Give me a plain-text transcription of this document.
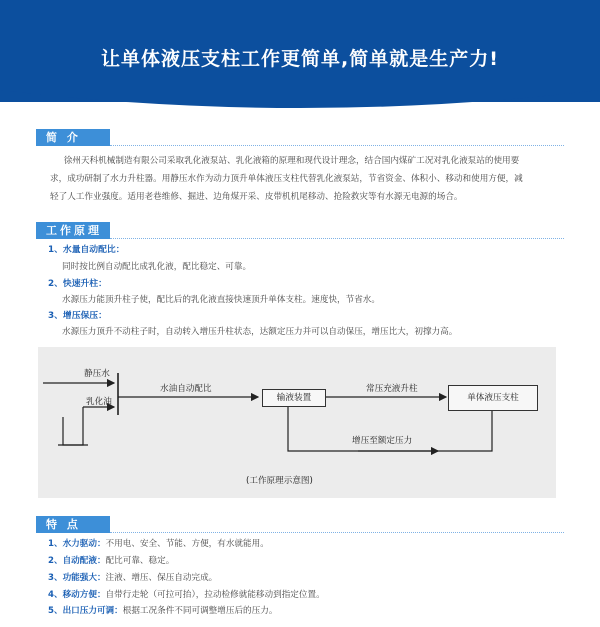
让单体液压支柱工作更简单,简单就是生产力!
简 介
徐州天科机械制造有限公司采取乳化液泵站、乳化液箱的原理和现代设计理念，结合国内煤矿工况对乳化液泵站的使用要
求，成功研制了水力升柱器。用静压水作为动力顶升单体液压支柱代替乳化液泵站，节省资金、体积小、移动和使用方便，减
轻了人工作业强度。适用老巷维修、掘进、边角煤开采、皮带机机尾移动、抢险救灾等有水源无电源的场合。
工作原理
1、水量自动配比：
同时按比例自动配比成乳化液，配比稳定、可靠。
2、快速升柱：
水源压力能顶升柱子使，配比后的乳化液直接快速顶升单体支柱。速度快，节省水。
3、增压保压：
水源压力顶升不动柱子时，自动转入增压升柱状态，达额定压力并可以自动保压，增压比大，初撑力高。
静压水
乳化油
水油自动配比
输液装置
常压充液升柱
单体液压支柱
增压至额定压力
(工作原理示意图)
特 点
1、水力驱动：不用电、安全、节能、方便，有水就能用。
2、自动配液：配比可靠、稳定。
3、功能强大：注液、增压、保压自动完成。
4、移动方便：自带行走轮（可拉可抬），拉动检修就能移动到指定位置。
5、出口压力可调：根据工况条件不同可调整增压后的压力。
